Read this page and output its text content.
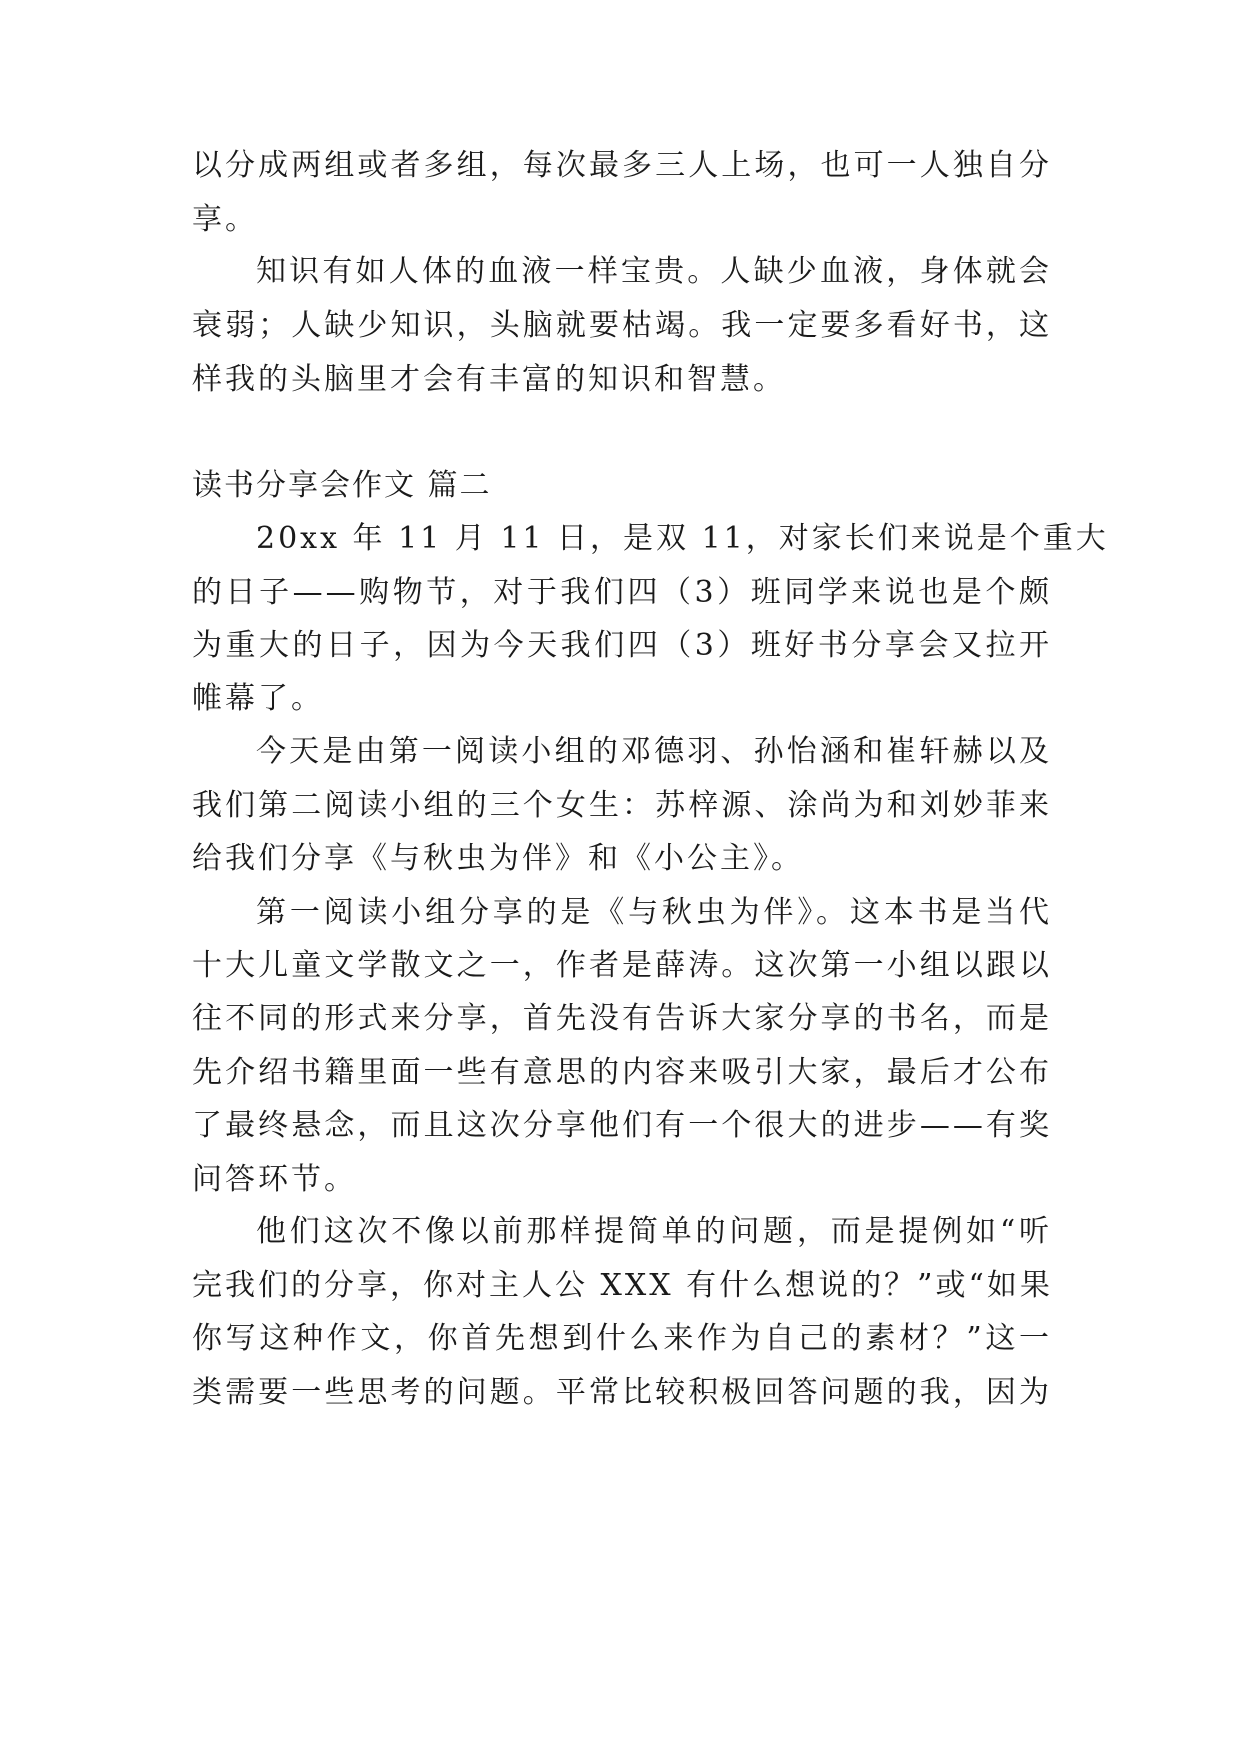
以分成两组或者多组，每次最多三人上场，也可一人独自分
享。
知识有如人体的血液一样宝贵。人缺少血液，身体就会
衰弱；人缺少知识，头脑就要枯竭。我一定要多看好书，这
样我的头脑里才会有丰富的知识和智慧。
读书分享会作文 篇二
20xx 年 11 月 11 日，是双 11，对家长们来说是个重大
的日子——购物节，对于我们四（3）班同学来说也是个颇
为重大的日子，因为今天我们四（3）班好书分享会又拉开
帷幕了。
今天是由第一阅读小组的邓德羽、孙怡涵和崔轩赫以及
我们第二阅读小组的三个女生：苏梓源、涂尚为和刘妙菲来
给我们分享《与秋虫为伴》和《小公主》。
第一阅读小组分享的是《与秋虫为伴》。这本书是当代
十大儿童文学散文之一，作者是薛涛。这次第一小组以跟以
往不同的形式来分享，首先没有告诉大家分享的书名，而是
先介绍书籍里面一些有意思的内容来吸引大家，最后才公布
了最终悬念，而且这次分享他们有一个很大的进步——有奖
问答环节。
他们这次不像以前那样提简单的问题，而是提例如“听
完我们的分享，你对主人公 XXX 有什么想说的？”或“如果
你写这种作文，你首先想到什么来作为自己的素材？”这一
类需要一些思考的问题。平常比较积极回答问题的我，因为
